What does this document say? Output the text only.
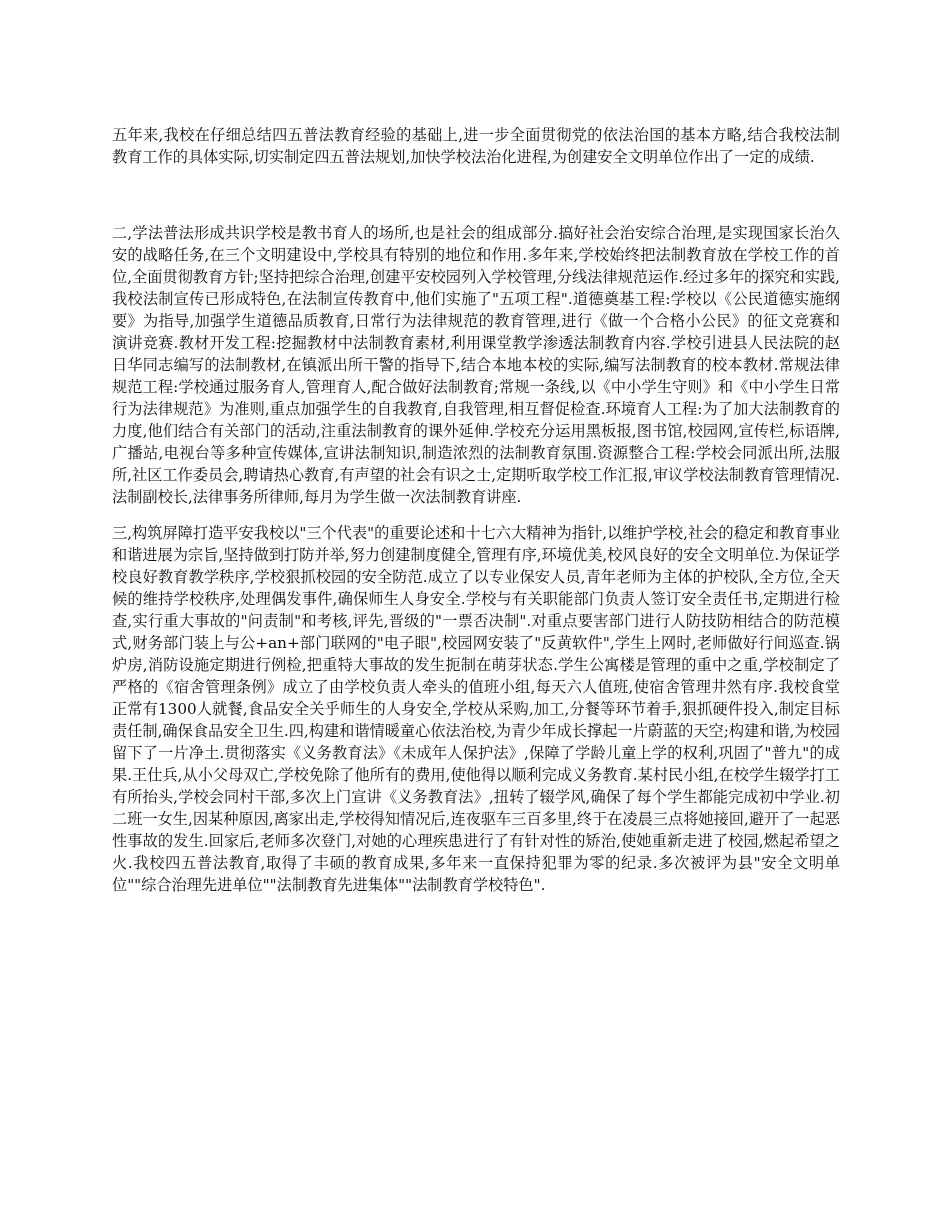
五年来,我校在仔细总结四五普法教育经验的基础上,进一步全面贯彻党的依法治国的基本方略,结合我校法制教育工作的具体实际,切实制定四五普法规划,加快学校法治化进程,为创建安全文明单位作出了一定的成绩.

二,学法普法形成共识学校是教书育人的场所,也是社会的组成部分.搞好社会治安综合治理,是实现国家长治久安的战略任务,在三个文明建设中,学校具有特别的地位和作用.多年来,学校始终把法制教育放在学校工作的首位,全面贯彻教育方针;坚持把综合治理,创建平安校园列入学校管理,分线法律规范运作.经过多年的探究和实践,我校法制宣传已形成特色,在法制宣传教育中,他们实施了"五项工程".道德奠基工程:学校以《公民道德实施纲要》为指导,加强学生道德品质教育,日常行为法律规范的教育管理,进行《做一个合格小公民》的征文竞赛和演讲竞赛.教材开发工程:挖掘教材中法制教育素材,利用课堂教学渗透法制教育内容.学校引进县人民法院的赵日华同志编写的法制教材,在镇派出所干警的指导下,结合本地本校的实际,编写法制教育的校本教材.常规法律规范工程:学校通过服务育人,管理育人,配合做好法制教育;常规一条线,以《中小学生守则》和《中小学生日常行为法律规范》为准则,重点加强学生的自我教育,自我管理,相互督促检查.环境育人工程:为了加大法制教育的力度,他们结合有关部门的活动,注重法制教育的课外延伸.学校充分运用黑板报,图书馆,校园网,宣传栏,标语牌,广播站,电视台等多种宣传媒体,宣讲法制知识,制造浓烈的法制教育氛围.资源整合工程:学校会同派出所,法服所,社区工作委员会,聘请热心教育,有声望的社会有识之士,定期听取学校工作汇报,审议学校法制教育管理情况.法制副校长,法律事务所律师,每月为学生做一次法制教育讲座.

三,构筑屏障打造平安我校以"三个代表"的重要论述和十七六大精神为指针,以维护学校,社会的稳定和教育事业和谐进展为宗旨,坚持做到打防并举,努力创建制度健全,管理有序,环境优美,校风良好的安全文明单位.为保证学校良好教育教学秩序,学校狠抓校园的安全防范.成立了以专业保安人员,青年老师为主体的护校队,全方位,全天候的维持学校秩序,处理偶发事件,确保师生人身安全.学校与有关职能部门负责人签订安全责任书,定期进行检查,实行重大事故的"问责制"和考核,评先,晋级的"一票否决制".对重点要害部门进行人防技防相结合的防范模式,财务部门装上与公+an+部门联网的"电子眼",校园网安装了"反黄软件",学生上网时,老师做好行间巡查.锅炉房,消防设施定期进行例检,把重特大事故的发生扼制在萌芽状态.学生公寓楼是管理的重中之重,学校制定了严格的《宿舍管理条例》成立了由学校负责人牵头的值班小组,每天六人值班,使宿舍管理井然有序.我校食堂正常有1300人就餐,食品安全关乎师生的人身安全,学校从采购,加工,分餐等环节着手,狠抓硬件投入,制定目标责任制,确保食品安全卫生.四,构建和谐情暖童心依法治校,为青少年成长撑起一片蔚蓝的天空;构建和谐,为校园留下了一片净土.贯彻落实《义务教育法》《未成年人保护法》,保障了学龄儿童上学的权利,巩固了"普九"的成果.王仕兵,从小父母双亡,学校免除了他所有的费用,使他得以顺利完成义务教育.某村民小组,在校学生辍学打工有所抬头,学校会同村干部,多次上门宣讲《义务教育法》,扭转了辍学风,确保了每个学生都能完成初中学业.初二班一女生,因某种原因,离家出走,学校得知情况后,连夜驱车三百多里,终于在凌晨三点将她接回,避开了一起恶性事故的发生.回家后,老师多次登门,对她的心理疾患进行了有针对性的矫治,使她重新走进了校园,燃起希望之火.我校四五普法教育,取得了丰硕的教育成果,多年来一直保持犯罪为零的纪录.多次被评为县"安全文明单位""综合治理先进单位""法制教育先进集体""法制教育学校特色".
